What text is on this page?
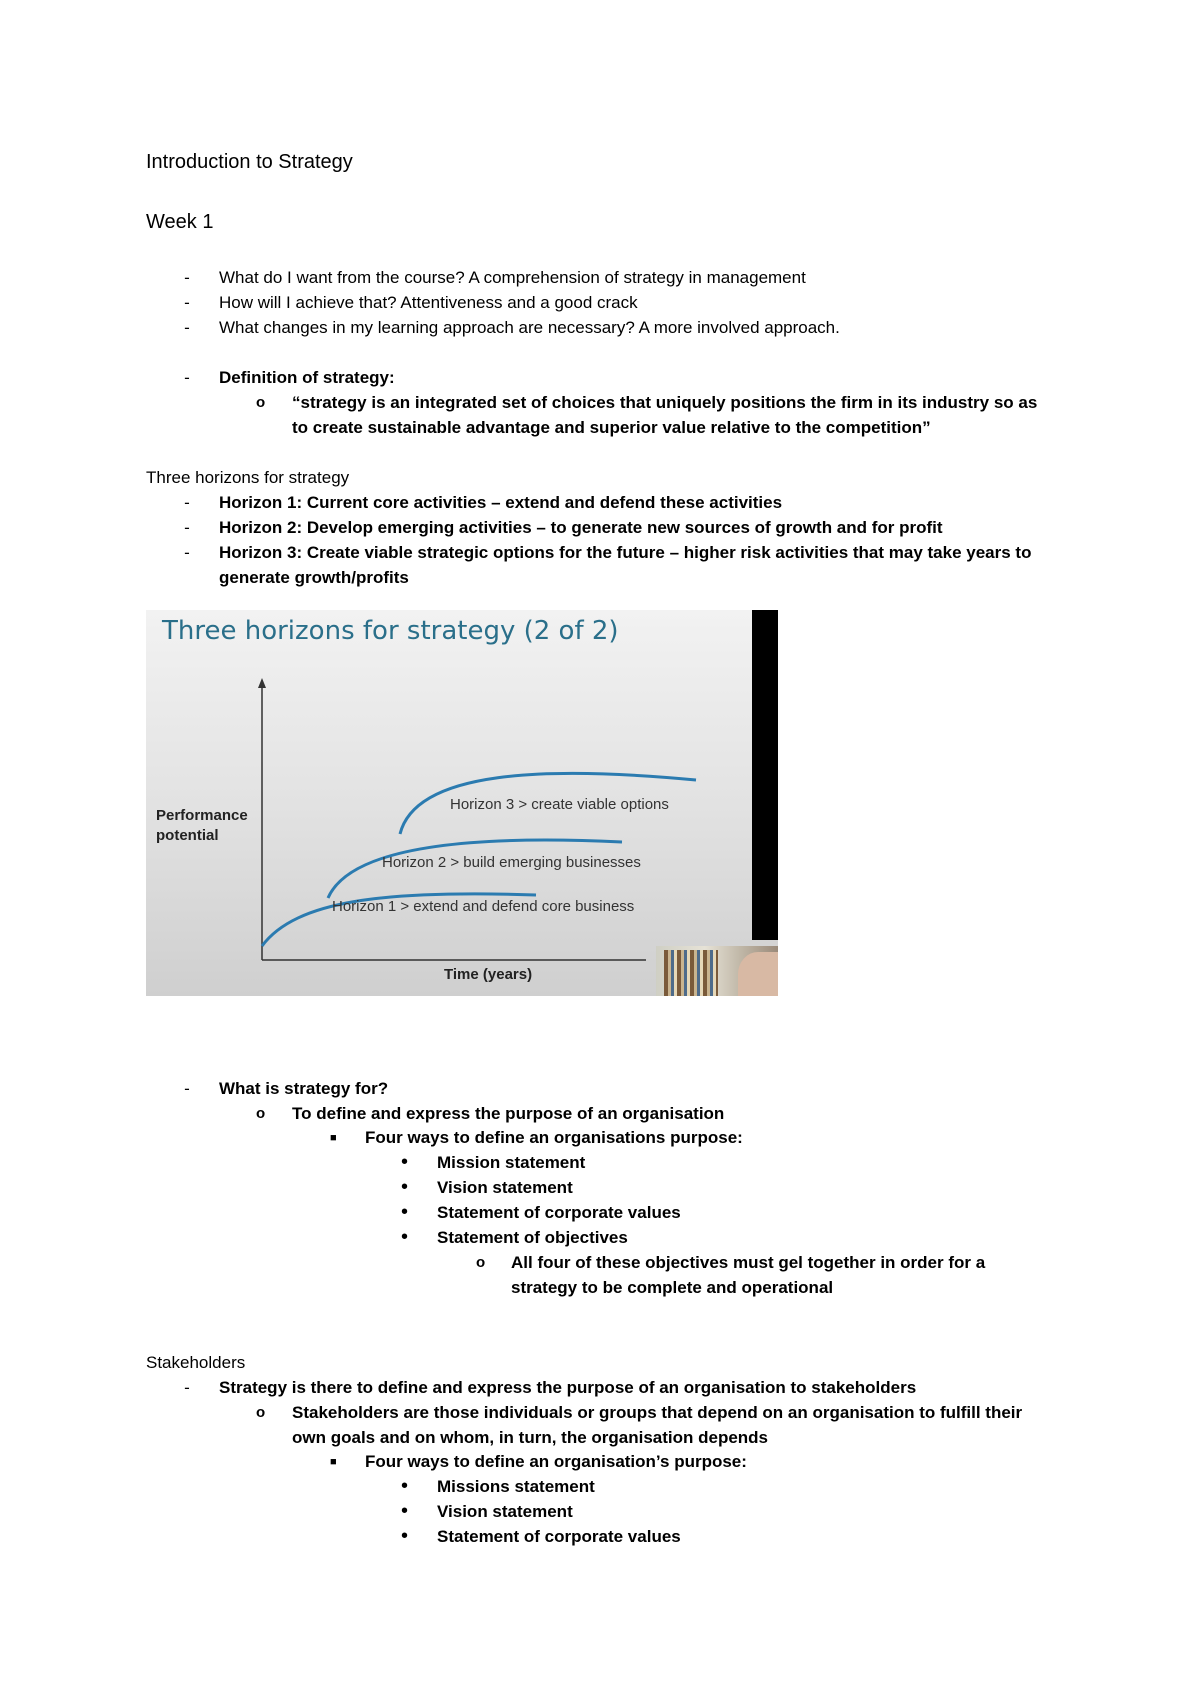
Introduction to Strategy
Week 1
- What do I want from the course? A comprehension of strategy in management
- How will I achieve that? Attentiveness and a good crack
- What changes in my learning approach are necessary? A more involved approach.
- Definition of strategy:
o “strategy is an integrated set of choices that uniquely positions the firm in its industry so as
to create sustainable advantage and superior value relative to the competition”
Three horizons for strategy
- Horizon 1: Current core activities – extend and defend these activities
- Horizon 2: Develop emerging activities – to generate new sources of growth and for profit
- Horizon 3: Create viable strategic options for the future – higher risk activities that may take years to
generate growth/profits
Three horizons for strategy (2 of 2)
Performance
potential
Time (years)
Horizon 1 > extend and defend core business
Horizon 2 > build emerging businesses
Horizon 3 > create viable options
- What is strategy for?
o To define and express the purpose of an organisation
■ Four ways to define an organisations purpose:
• Mission statement
• Vision statement
• Statement of corporate values
• Statement of objectives
o All four of these objectives must gel together in order for a
strategy to be complete and operational
Stakeholders
- Strategy is there to define and express the purpose of an organisation to stakeholders
o Stakeholders are those individuals or groups that depend on an organisation to fulfill their
own goals and on whom, in turn, the organisation depends
■ Four ways to define an organisation’s purpose:
• Missions statement
• Vision statement
• Statement of corporate values
